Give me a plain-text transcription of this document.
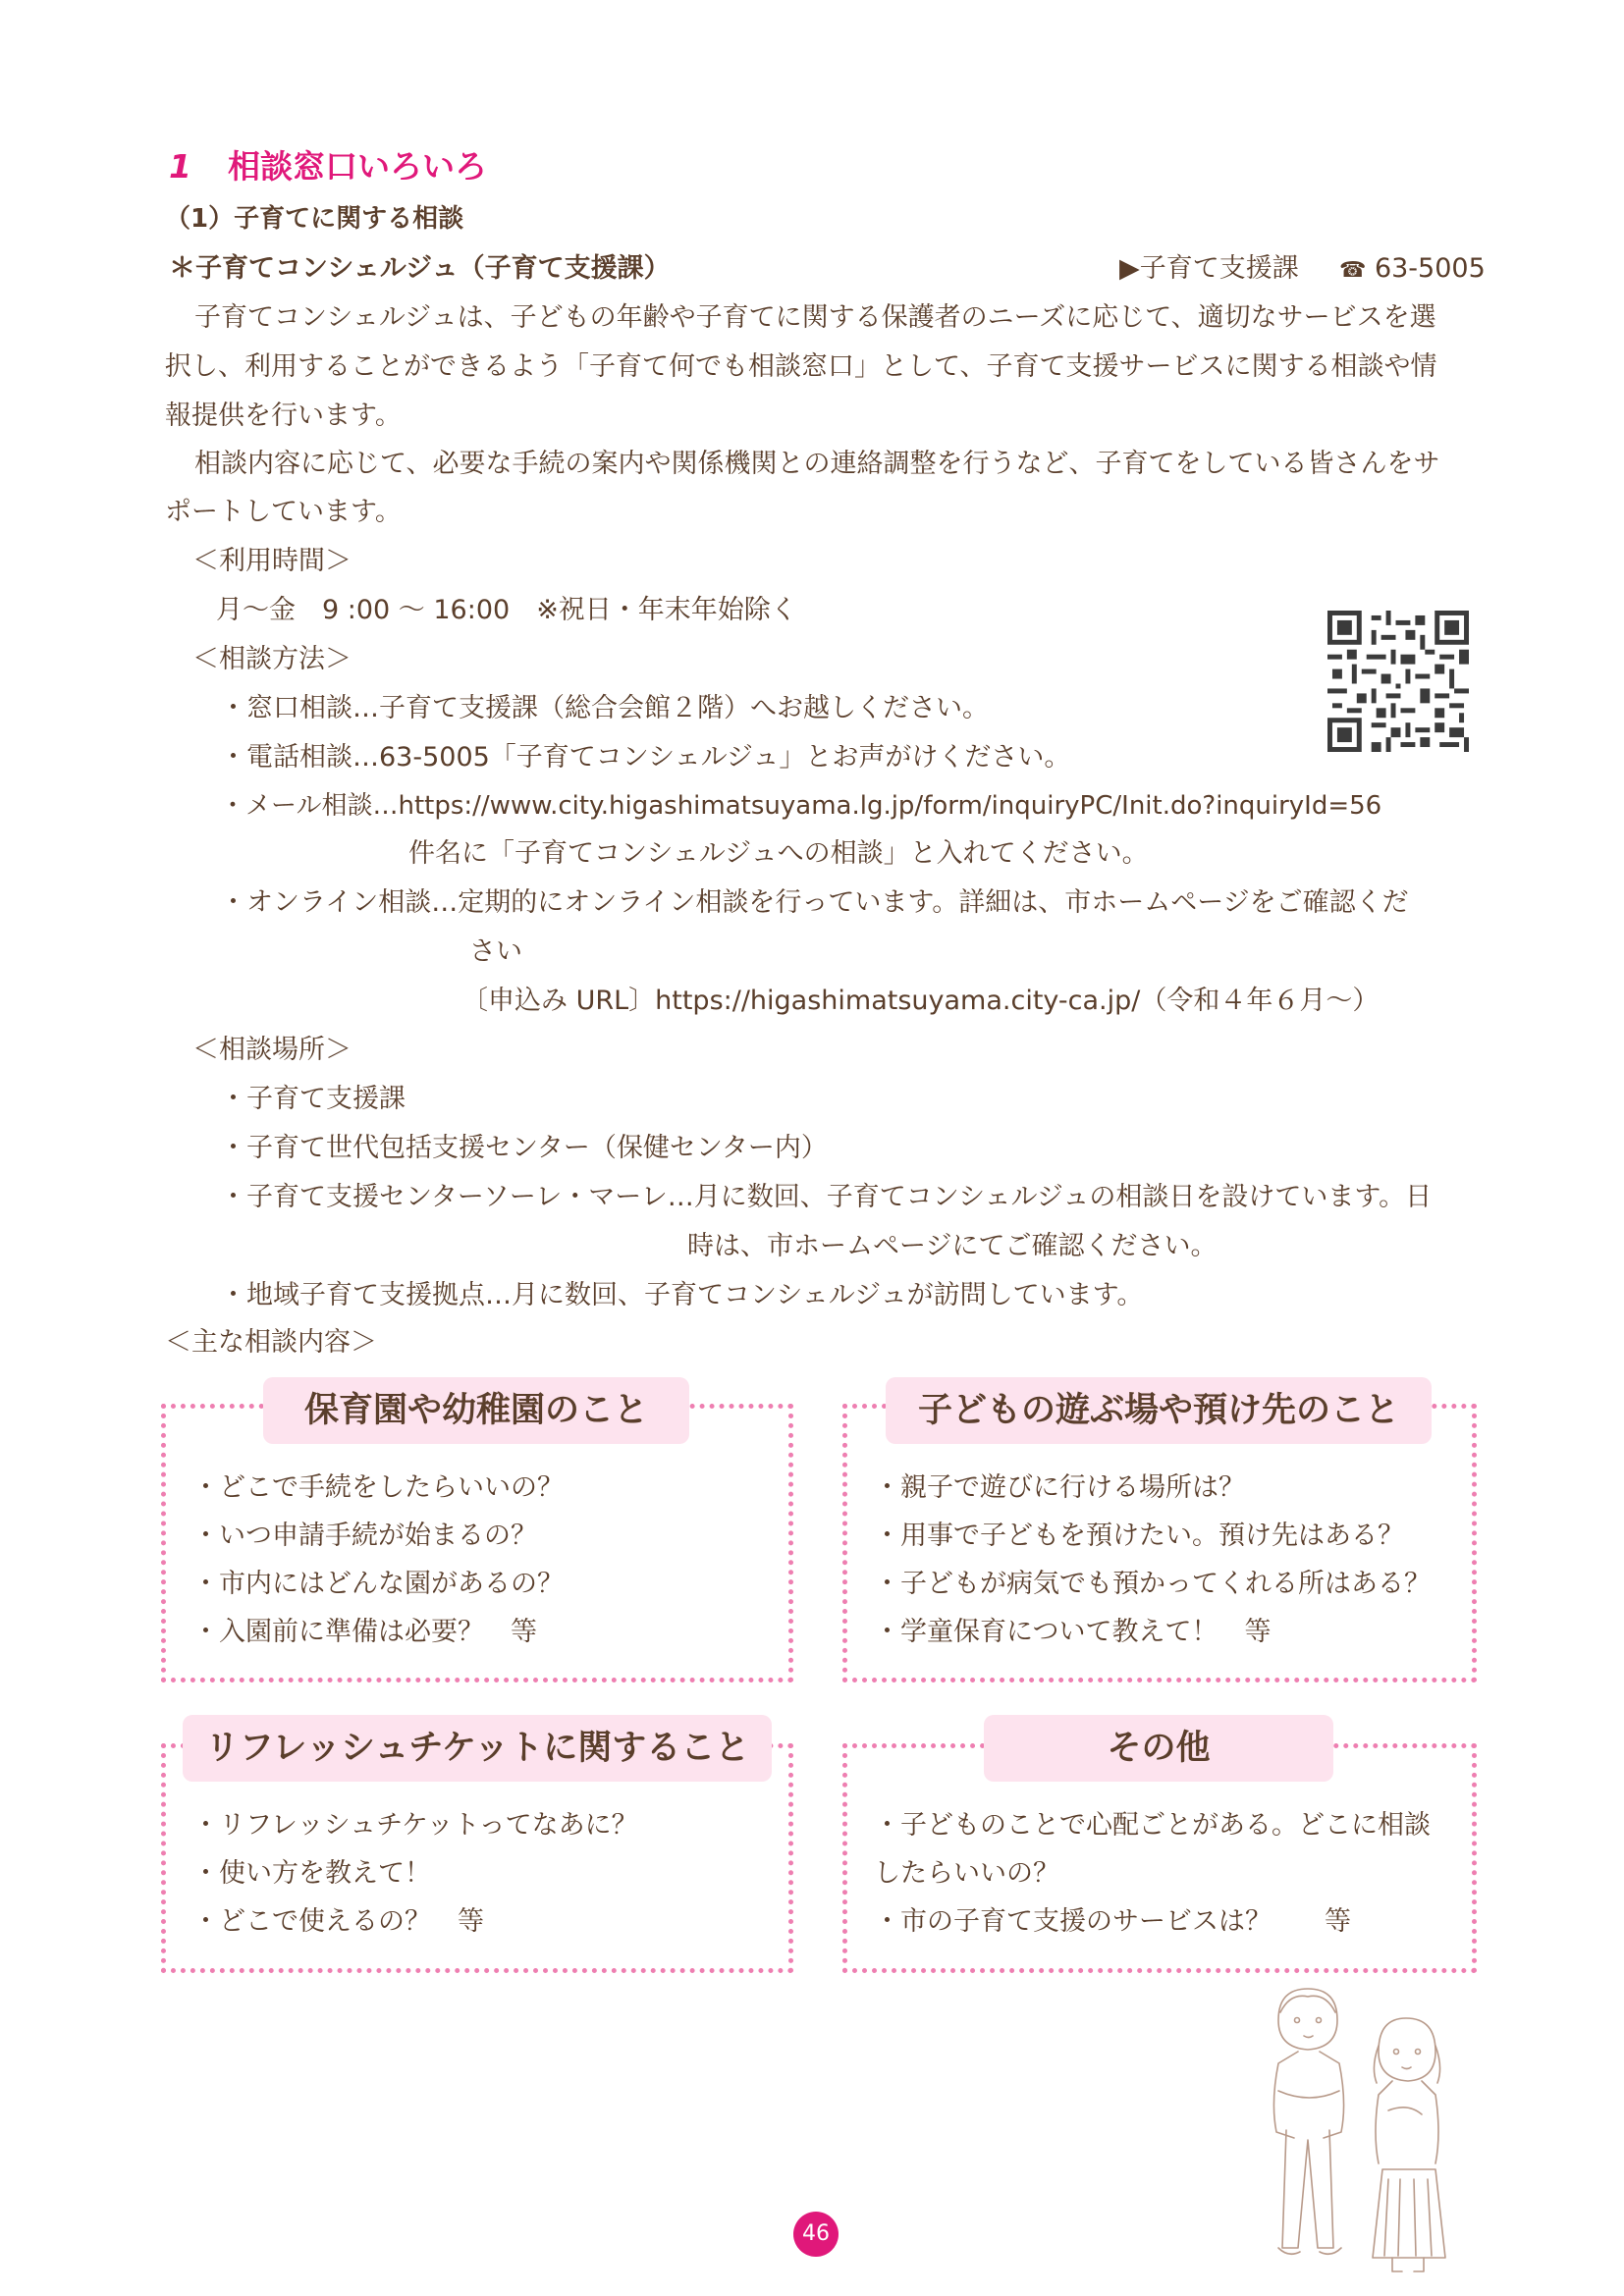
1 相談窓口いろいろ
（1）子育てに関する相談
＊子育てコンシェルジュ（子育て支援課）	▶子育て支援課 ☎ 63-5005
子育てコンシェルジュは、子どもの年齢や子育てに関する保護者のニーズに応じて、適切なサービスを選
択し、利用することができるよう「子育て何でも相談窓口」として、子育て支援サービスに関する相談や情
報提供を行います。
相談内容に応じて、必要な手続の案内や関係機関との連絡調整を行うなど、子育てをしている皆さんをサ
ポートしています。
＜利用時間＞
月～金　9 :00 ～ 16:00　※祝日・年末年始除く
＜相談方法＞
・窓口相談…子育て支援課（総合会館２階）へお越しください。
・電話相談…63-5005「子育てコンシェルジュ」とお声がけください。
・メール相談…https://www.city.higashimatsuyama.lg.jp/form/inquiryPC/Init.do?inquiryId=56
件名に「子育てコンシェルジュへの相談」と入れてください。
・オンライン相談…定期的にオンライン相談を行っています。詳細は、市ホームページをご確認くだ
さい
〔申込み URL〕https://higashimatsuyama.city-ca.jp/（令和４年６月～）
＜相談場所＞
・子育て支援課
・子育て世代包括支援センター（保健センター内）
・子育て支援センターソーレ・マーレ…月に数回、子育てコンシェルジュの相談日を設けています。日
時は、市ホームページにてご確認ください。
・地域子育て支援拠点…月に数回、子育てコンシェルジュが訪問しています。
＜主な相談内容＞
保育園や幼稚園のこと
・どこで手続をしたらいいの？
・いつ申請手続が始まるの？
・市内にはどんな園があるの？
・入園前に準備は必要？　等
子どもの遊ぶ場や預け先のこと
・親子で遊びに行ける場所は？
・用事で子どもを預けたい。預け先はある？
・子どもが病気でも預かってくれる所はある？
・学童保育について教えて！　等
リフレッシュチケットに関すること
・リフレッシュチケットってなあに？
・使い方を教えて！
・どこで使えるの？　等
その他
・子どものことで心配ごとがある。どこに相談
したらいいの？
・市の子育て支援のサービスは？　　等
46
